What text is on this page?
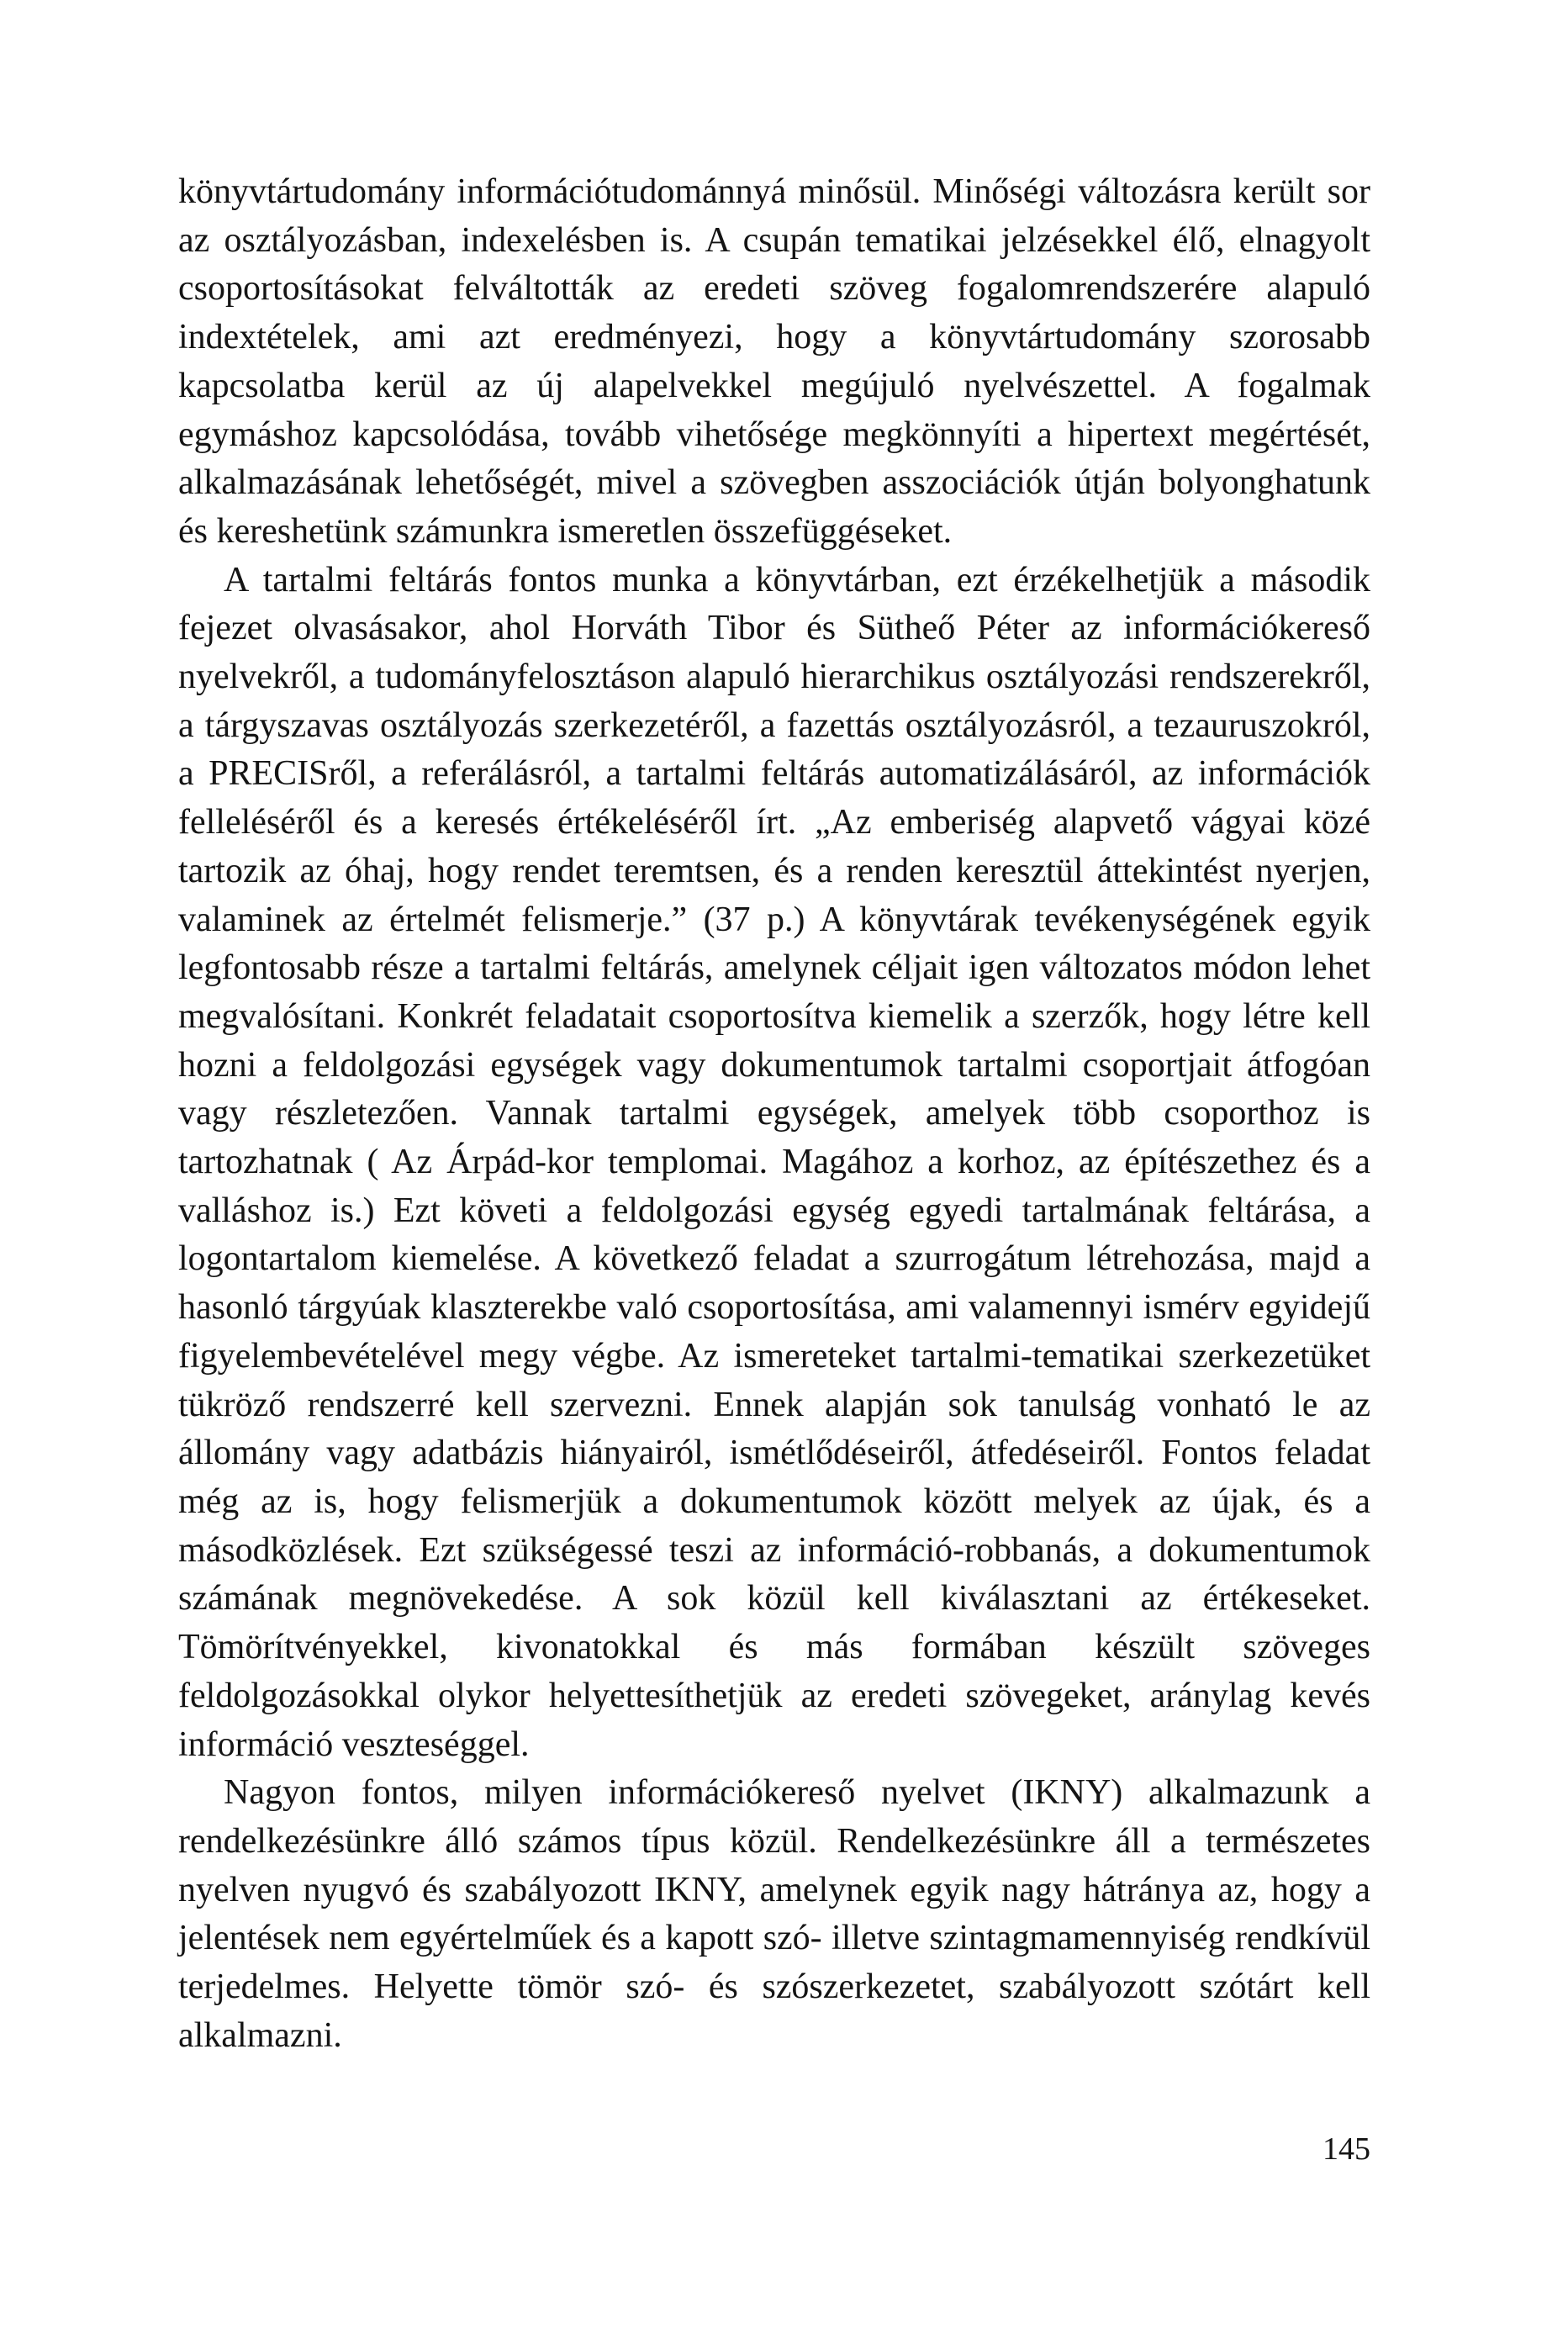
könyvtártudomány információtudománnyá minősül. Minőségi változásra került sor az osztályozásban, indexelésben is. A csupán tematikai jelzésekkel élő, elnagyolt csoportosításokat felváltották az eredeti szöveg fogalomrendszerére alapuló indextételek, ami azt eredményezi, hogy a könyvtártudomány szorosabb kapcsolatba kerül az új alapelvekkel megújuló nyelvészettel. A fogalmak egymáshoz kapcsolódása, tovább vihetősége megkönnyíti a hipertext megértését, alkalmazásának lehetőségét, mivel a szövegben asszociációk útján bolyonghatunk és kereshetünk számunkra ismeretlen összefüggéseket.

A tartalmi feltárás fontos munka a könyvtárban, ezt érzékelhetjük a második fejezet olvasásakor, ahol Horváth Tibor és Sütheő Péter az információkereső nyelvekről, a tudományfelosztáson alapuló hierarchikus osztályozási rendszerekről, a tárgyszavas osztályozás szerkezetéről, a fazettás osztályozásról, a tezauruszokról, a PRECISről, a referálásról, a tartalmi feltárás automatizálásáról, az információk felleléséről és a keresés értékeléséről írt. „Az emberiség alapvető vágyai közé tartozik az óhaj, hogy rendet teremtsen, és a renden keresztül áttekintést nyerjen, valaminek az értelmét felismerje.” (37 p.) A könyvtárak tevékenységének egyik legfontosabb része a tartalmi feltárás, amelynek céljait igen változatos módon lehet megvalósítani. Konkrét feladatait csoportosítva kiemelik a szerzők, hogy létre kell hozni a feldolgozási egységek vagy dokumentumok tartalmi csoportjait átfogóan vagy részletezően. Vannak tartalmi egységek, amelyek több csoporthoz is tartozhatnak ( Az Árpád-kor templomai. Magához a korhoz, az építészethez és a valláshoz is.) Ezt követi a feldolgozási egység egyedi tartalmának feltárása, a logontartalom kiemelése. A következő feladat a szurrogátum létrehozása, majd a hasonló tárgyúak klaszterekbe való csoportosítása, ami valamennyi ismérv egyidejű figyelembevételével megy végbe. Az ismereteket tartalmi-tematikai szerkezetüket tükröző rendszerré kell szervezni. Ennek alapján sok tanulság vonható le az állomány vagy adatbázis hiányairól, ismétlődéseiről, átfedéseiről. Fontos feladat még az is, hogy felismerjük a dokumentumok között melyek az újak, és a másodközlések. Ezt szükségessé teszi az információ-robbanás, a dokumentumok számának megnövekedése. A sok közül kell kiválasztani az értékeseket. Tömörítvényekkel, kivonatokkal és más formában készült szöveges feldolgozásokkal olykor helyettesíthetjük az eredeti szövegeket, aránylag kevés információ veszteséggel.

Nagyon fontos, milyen információkereső nyelvet (IKNY) alkalmazunk a rendelkezésünkre álló számos típus közül. Rendelkezésünkre áll a természetes nyelven nyugvó és szabályozott IKNY, amelynek egyik nagy hátránya az, hogy a jelentések nem egyértelműek és a kapott szó- illetve szintagmamennyiség rendkívül terjedelmes. Helyette tömör szó- és szószerkezetet, szabályozott szótárt kell alkalmazni.

145
